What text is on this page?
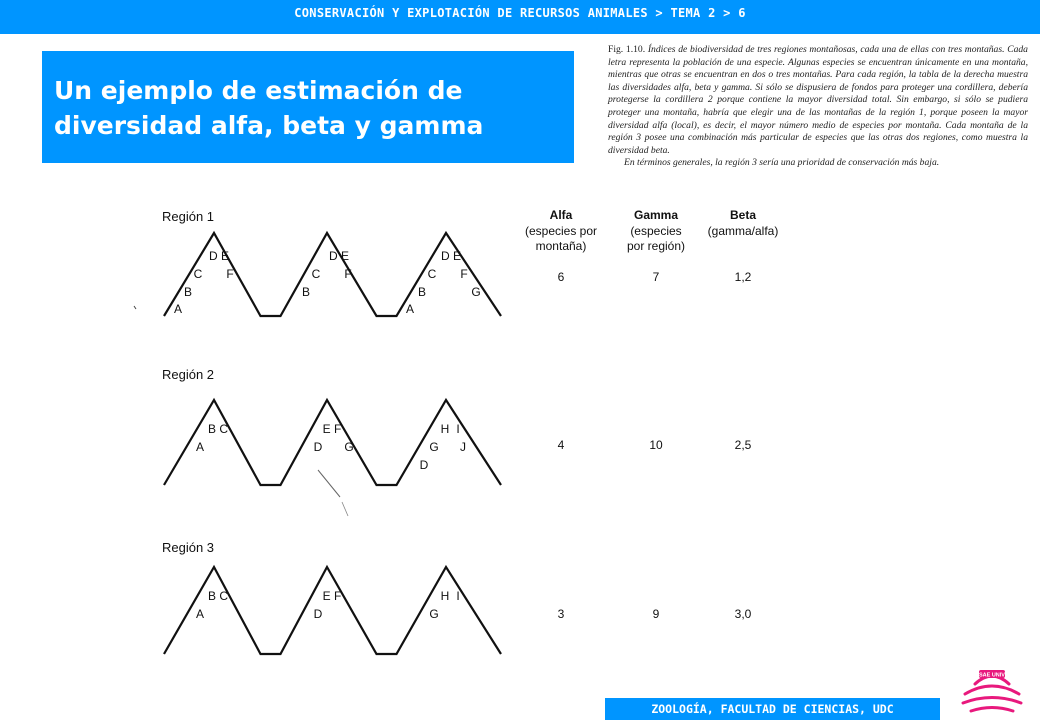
CONSERVACIÓN Y EXPLOTACIÓN DE RECURSOS ANIMALES > TEMA 2 > 6
Un ejemplo de estimación de diversidad alfa, beta y gamma
Fig. 1.10. Índices de biodiversidad de tres regiones montañosas, cada una de ellas con tres montañas. Cada letra representa la población de una especie. Algunas especies se encuentran únicamente en una montaña, mientras que otras se encuentran en dos o tres montañas. Para cada región, la tabla de la derecha muestra las diversidades alfa, beta y gamma. Si sólo se dispusiera de fondos para proteger una cordillera, debería protegerse la cordillera 2 porque contiene la mayor diversidad total. Sin embargo, si sólo se pudiera proteger una montaña, habría que elegir una de las montañas de la región 1, porque poseen la mayor diversidad alfa (local), es decir, el mayor número medio de especies por montaña. Cada montaña de la región 3 posee una combinación más particular de especies que las otras dos regiones, como muestra la diversidad beta.
En términos generales, la región 3 sería una prioridad de conservación más baja.
Región 1
D E
C F
B
A
D E
C F
B
D E
C F
B	G
A
6	7	1,2
Región 2
B C
A
E F
D G
H I
G J
D
4	10	2,5
Región 3
B C
A
E F
D
H I
G	3	9	3,0
Alfa
(especies por
montaña)
Gamma
(especies
por región)
Beta
(gamma/alfa)
ZOOLOGÍA, FACULTAD DE CIENCIAS, UDC
SAE UNIV
